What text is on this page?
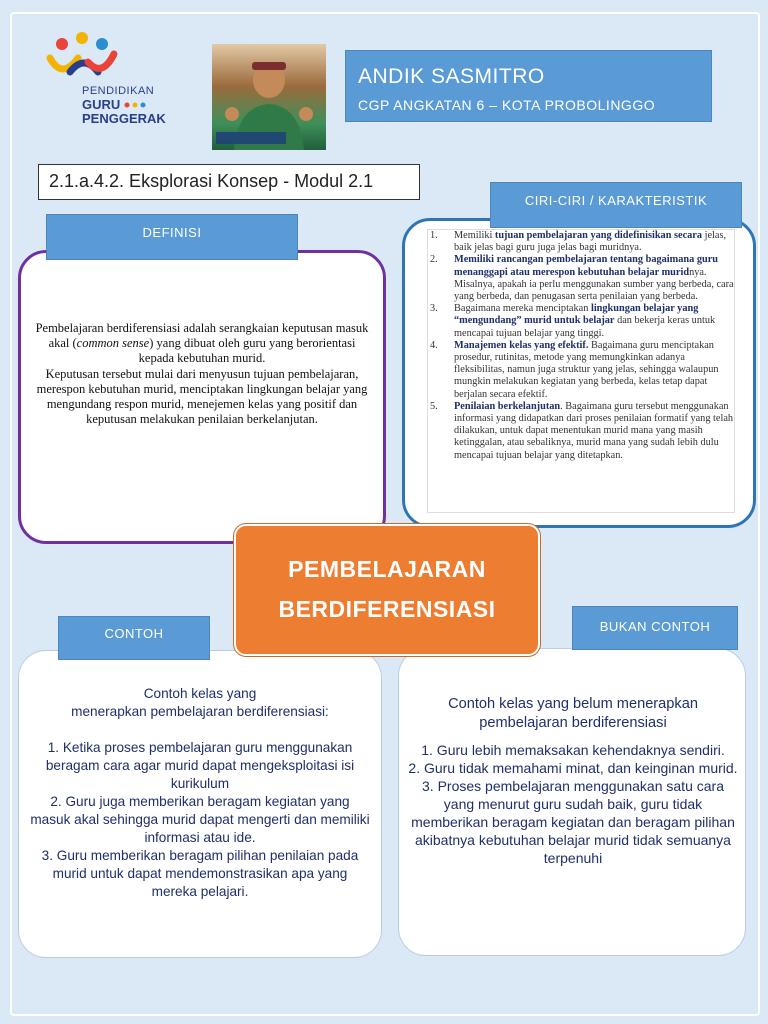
PENDIDIKAN
GURU
PENGGERAK
ANDIK SASMITRO
CGP ANGKATAN 6 – KOTA PROBOLINGGO
2.1.a.4.2. Eksplorasi Konsep - Modul 2.1
Pembelajaran berdiferensiasi adalah serangkaian keputusan masuk akal (common sense) yang dibuat oleh guru yang berorientasi kepada kebutuhan murid.
Keputusan tersebut mulai dari menyusun tujuan pembelajaran, merespon kebutuhan murid, menciptakan lingkungan belajar yang mengundang respon murid, menejemen kelas yang positif dan keputusan melakukan penilaian berkelanjutan.
DEFINISI	1. Memiliki tujuan pembelajaran yang didefinisikan secara jelas, baik jelas bagi guru juga jelas bagi muridnya.
2. Memiliki rancangan pembelajaran tentang bagaimana guru menanggapi atau merespon kebutuhan belajar muridnya. Misalnya, apakah ia perlu menggunakan sumber yang berbeda, cara yang berbeda, dan penugasan serta penilaian yang berbeda.
3. Bagaimana mereka menciptakan lingkungan belajar yang “mengundang” murid untuk belajar dan bekerja keras untuk mencapai tujuan belajar yang tinggi.
4. Manajemen kelas yang efektif. Bagaimana guru menciptakan prosedur, rutinitas, metode yang memungkinkan adanya fleksibilitas, namun juga struktur yang jelas, sehingga walaupun mungkin melakukan kegiatan yang berbeda, kelas tetap dapat berjalan secara efektif.
5. Penilaian berkelanjutan. Bagaimana guru tersebut menggunakan informasi yang didapatkan dari proses penilaian formatif yang telah dilakukan, untuk dapat menentukan murid mana yang masih ketinggalan, atau sebaliknya, murid mana yang sudah lebih dulu mencapai tujuan belajar yang ditetapkan.
CIRI-CIRI / KARAKTERISTIK

Contoh kelas yang

menerapkan pembelajaran berdiferensiasi:

1. Ketika proses pembelajaran guru menggunakan beragam cara agar murid dapat mengeksploitasi isi kurikulum

2. Guru juga memberikan beragam kegiatan yang masuk akal sehingga murid dapat mengerti dan memiliki informasi atau ide.

3. Guru memberikan beragam pilihan penilaian pada murid untuk dapat mendemonstrasikan apa yang mereka pelajari.

CONTOH

Contoh kelas yang belum menerapkan pembelajaran berdiferensiasi

1. Guru lebih memaksakan kehendaknya sendiri.

2. Guru tidak memahami minat, dan keinginan murid.

3. Proses pembelajaran menggunakan satu cara yang menurut guru sudah baik, guru tidak memberikan beragam kegiatan dan beragam pilihan akibatnya kebutuhan belajar murid tidak semuanya terpenuhi

BUKAN CONTOH
PEMBELAJARAN
BERDIFERENSIASI
